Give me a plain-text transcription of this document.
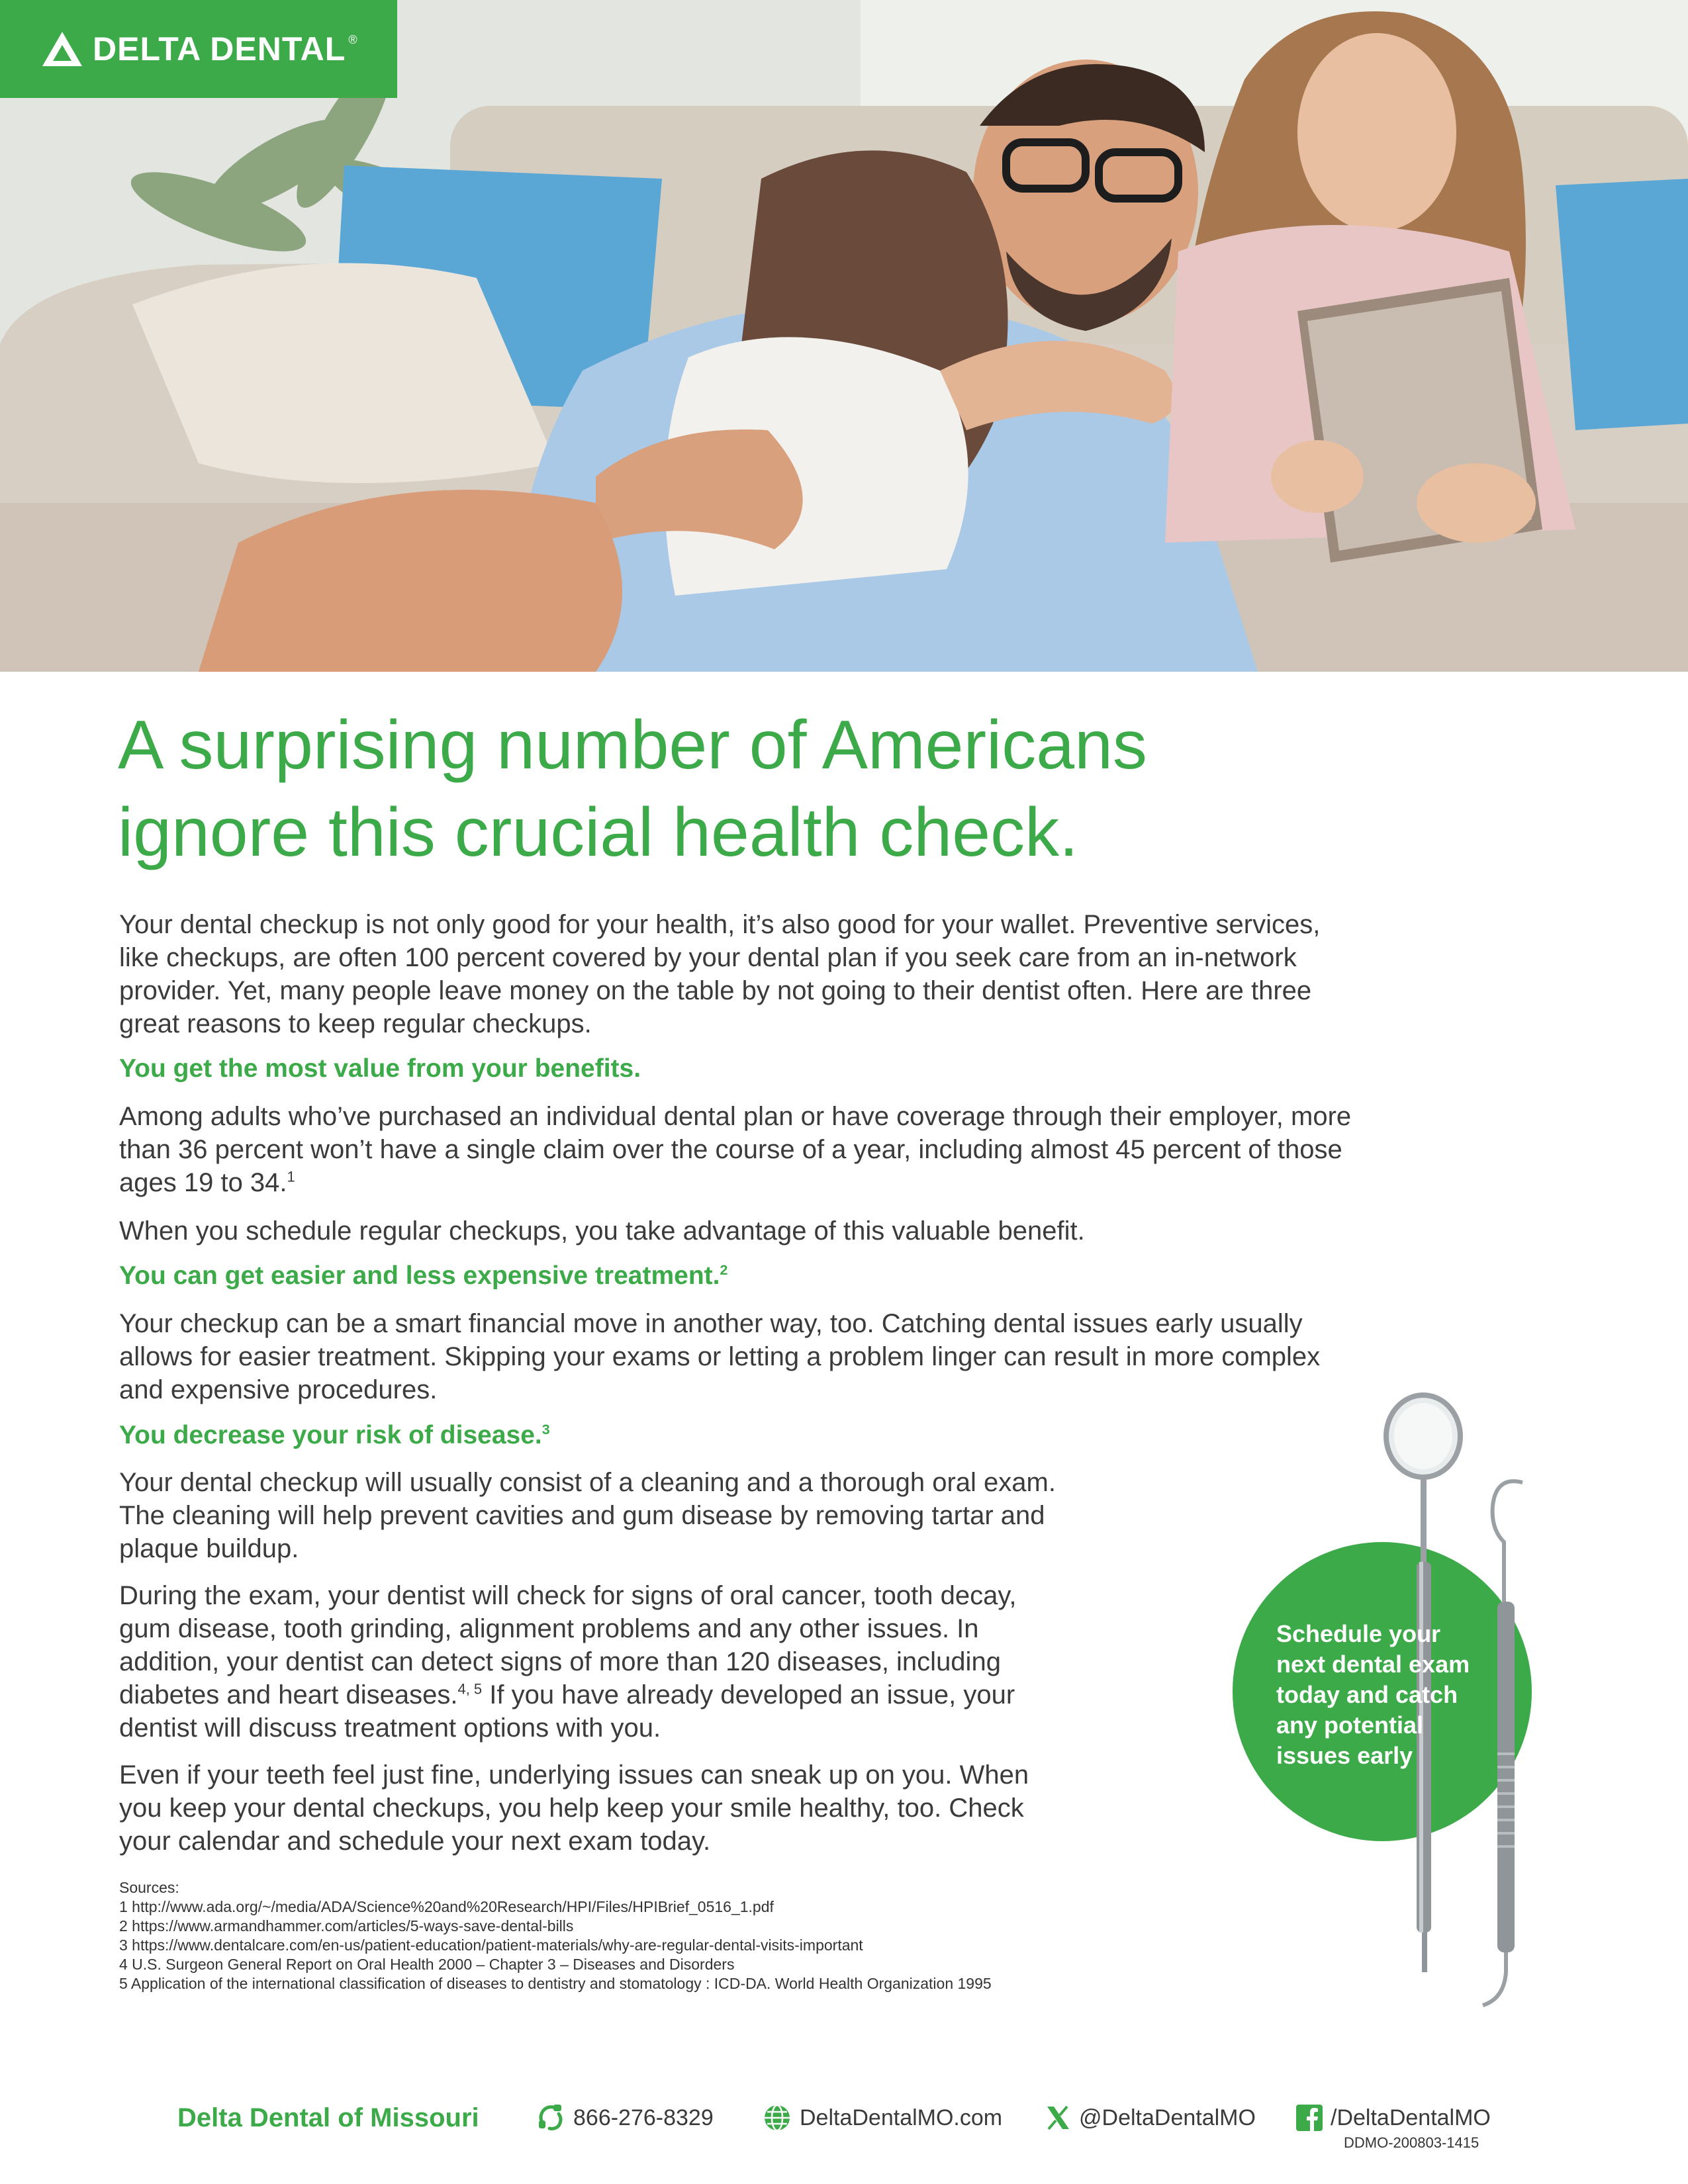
DELTA DENTAL ®
A surprising number of Americans
ignore this crucial health check.

Your dental checkup is not only good for your health, it’s also good for your wallet. Preventive services,
like checkups, are often 100 percent covered by your dental plan if you seek care from an in-network
provider. Yet, many people leave money on the table by not going to their dentist often. Here are three
great reasons to keep regular checkups.

You get the most value from your benefits.

Among adults who’ve purchased an individual dental plan or have coverage through their employer, more
than 36 percent won’t have a single claim over the course of a year, including almost 45 percent of those
ages 19 to 34.$^1$

When you schedule regular checkups, you take advantage of this valuable benefit.

You can get easier and less expensive treatment.$^2$

Your checkup can be a smart financial move in another way, too. Catching dental issues early usually
allows for easier treatment. Skipping your exams or letting a problem linger can result in more complex
and expensive procedures.

You decrease your risk of disease.$^3$

Your dental checkup will usually consist of a cleaning and a thorough oral exam.
The cleaning will help prevent cavities and gum disease by removing tartar and
plaque buildup.

During the exam, your dentist will check for signs of oral cancer, tooth decay,
gum disease, tooth grinding, alignment problems and any other issues. In
addition, your dentist can detect signs of more than 120 diseases, including
diabetes and heart diseases.$^{4, 5}$ If you have already developed an issue, your
dentist will discuss treatment options with you.

Even if your teeth feel just fine, underlying issues can sneak up on you. When
you keep your dental checkups, you help keep your smile healthy, too. Check
your calendar and schedule your next exam today.

Schedule your
next dental exam
today and catch
any potential
issues early

Sources:
1 http://www.ada.org/~/media/ADA/Science%20and%20Research/HPI/Files/HPIBrief_0516_1.pdf
2 https://www.armandhammer.com/articles/5-ways-save-dental-bills
3 https://www.dentalcare.com/en-us/patient-education/patient-materials/why-are-regular-dental-visits-important
4 U.S. Surgeon General Report on Oral Health 2000 – Chapter 3 – Diseases and Disorders
5 Application of the international classification of diseases to dentistry and stomatology : ICD-DA. World Health Organization 1995
Delta Dental of Missouri	866-276-8329	DeltaDentalMO.com	@DeltaDentalMO	/DeltaDentalMO
DDMO-200803-1415
